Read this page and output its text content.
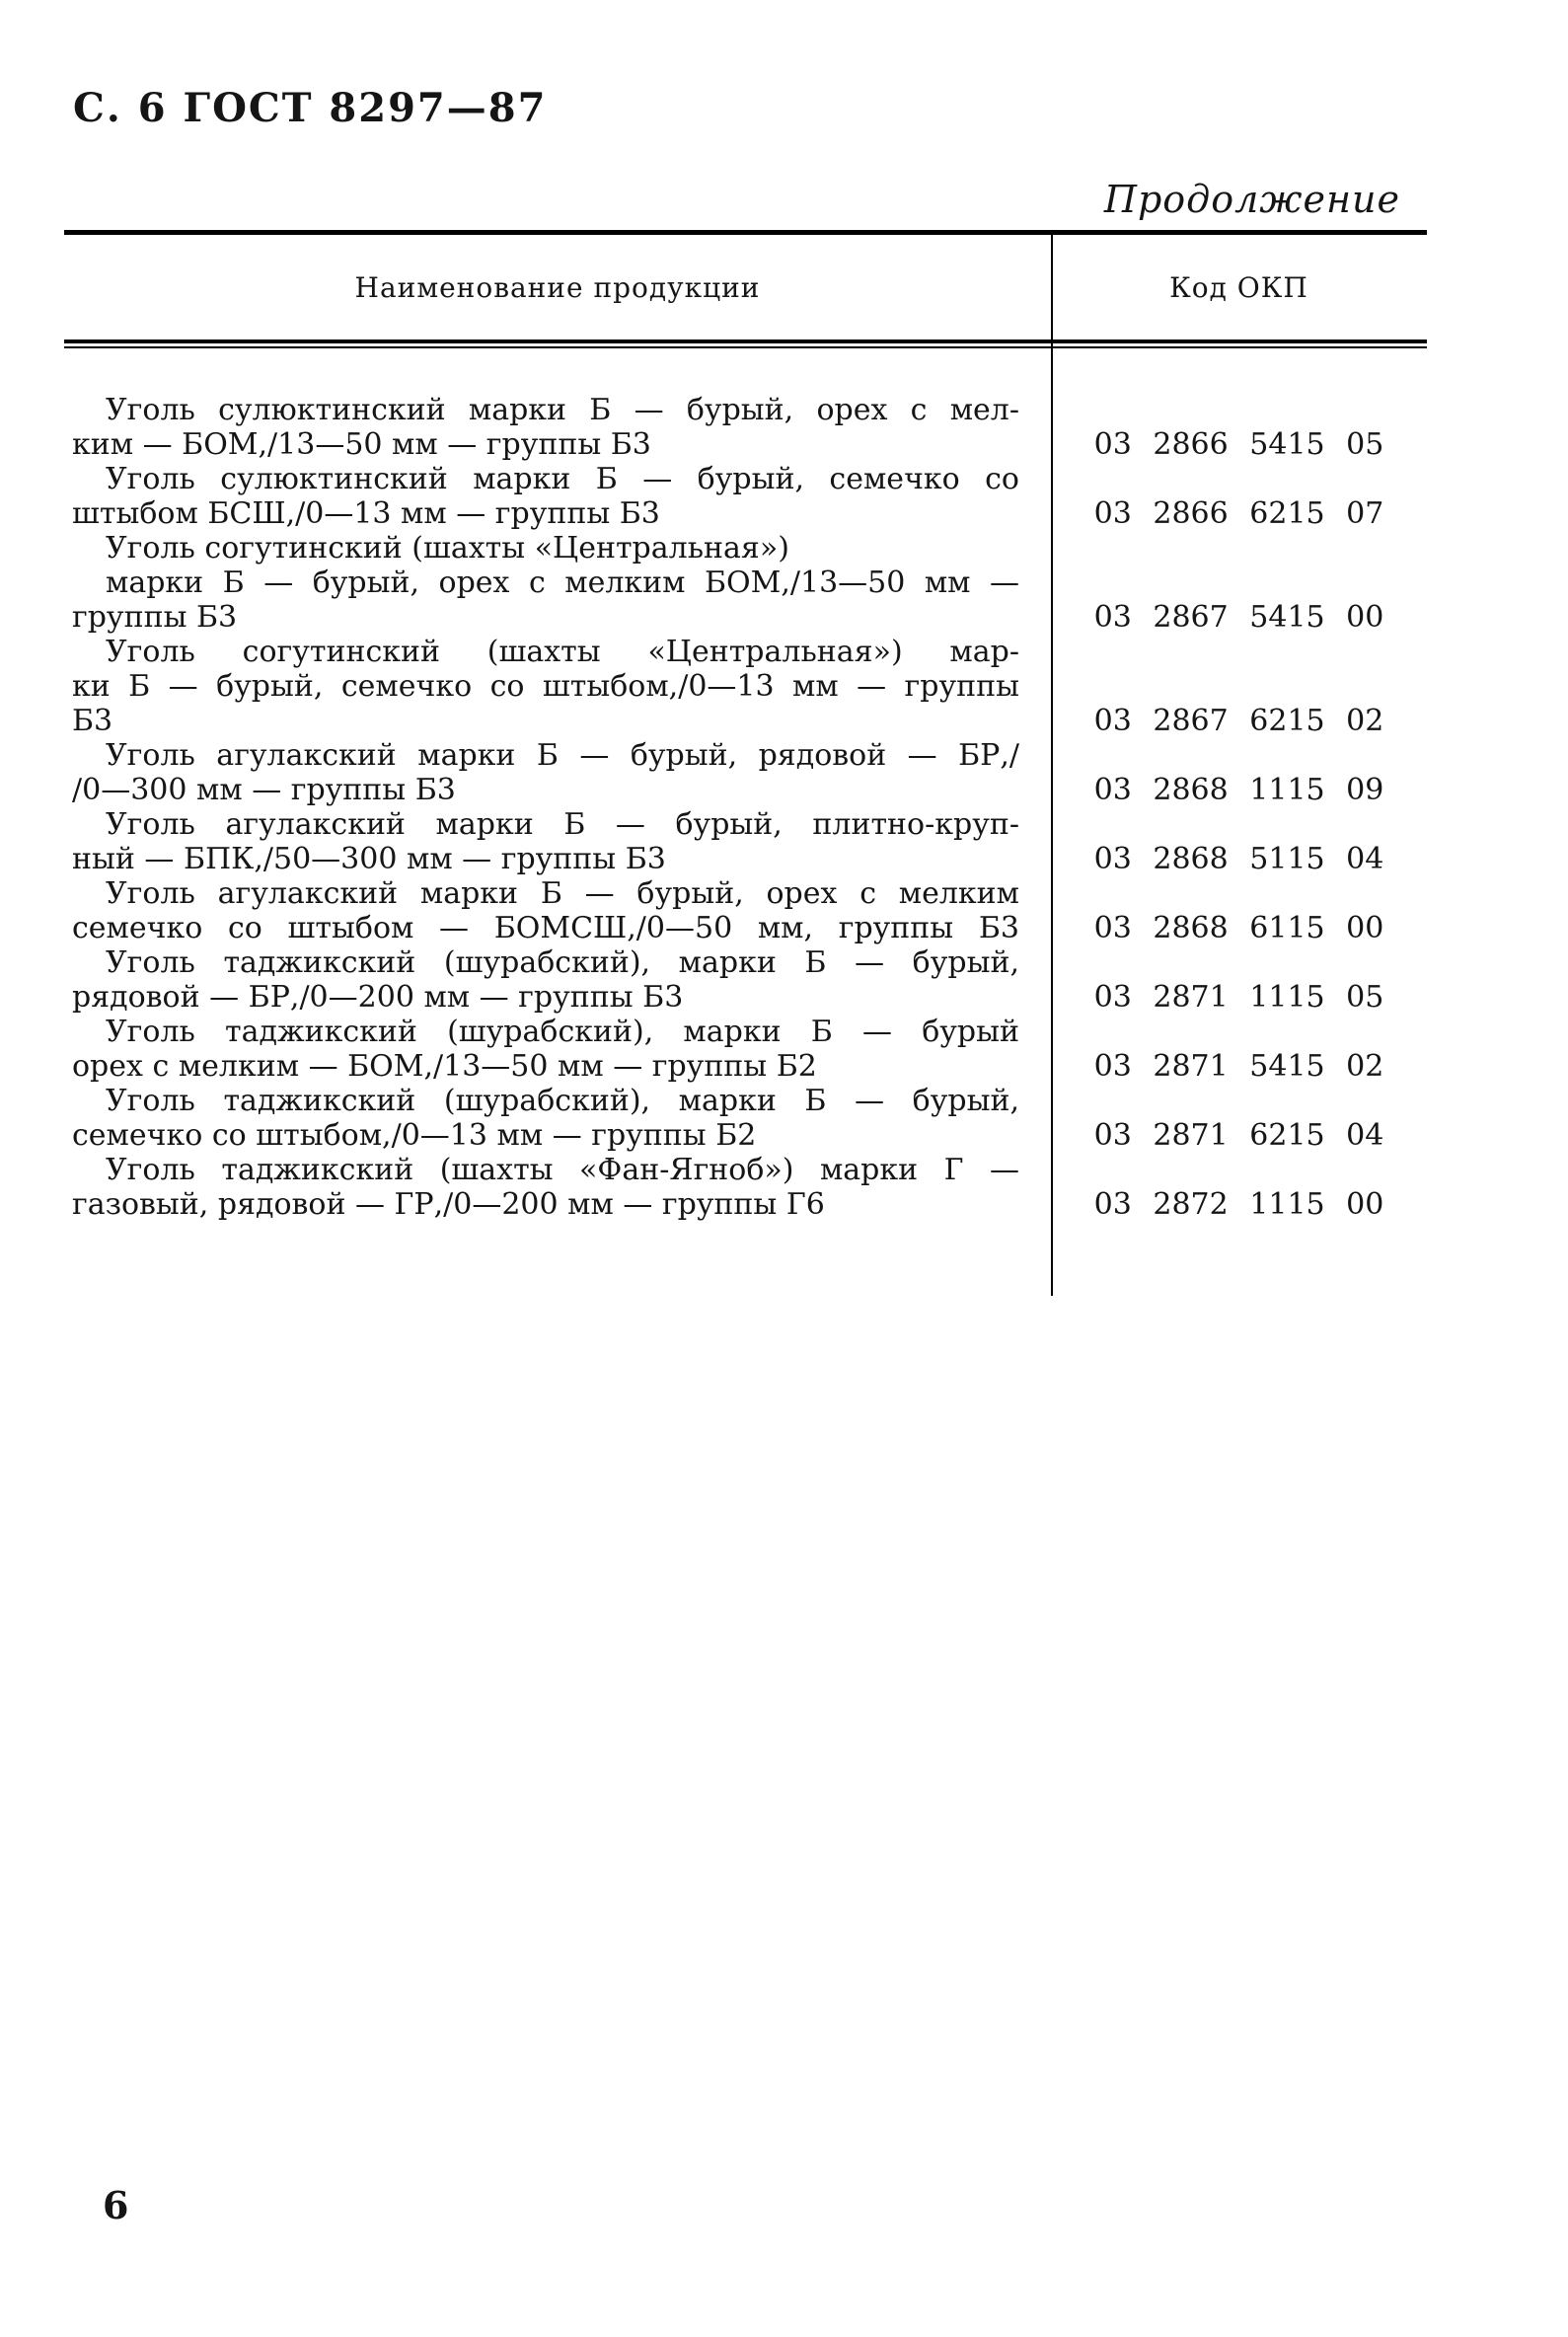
С. 6 ГОСТ 8297—87
Продолжение
Наименование продукции	Код ОКП
Уголь сулюктинский марки Б — бурый, орех с мел-
ким — БОМ,/13—50 мм — группы Б3	03 2866 5415 05
Уголь сулюктинский марки Б — бурый, семечко со
штыбом БСШ,/0—13 мм — группы Б3	03 2866 6215 07
Уголь согутинский (шахты «Центральная»)
марки Б — бурый, орех с мелким БОМ,/13—50 мм —
группы Б3	03 2867 5415 00
Уголь согутинский (шахты «Центральная») мар-
ки Б — бурый, семечко со штыбом,/0—13 мм — группы
Б3	03 2867 6215 02
Уголь агулакский марки Б — бурый, рядовой — БР,/
/0—300 мм — группы Б3	03 2868 1115 09
Уголь агулакский марки Б — бурый, плитно-круп-
ный — БПК,/50—300 мм — группы Б3	03 2868 5115 04
Уголь агулакский марки Б — бурый, орех с мелким
семечко со штыбом — БОМСШ,/0—50 мм, группы Б3	03 2868 6115 00
Уголь таджикский (шурабский), марки Б — бурый,
рядовой — БР,/0—200 мм — группы Б3	03 2871 1115 05
Уголь таджикский (шурабский), марки Б — бурый
орех с мелким — БОМ,/13—50 мм — группы Б2	03 2871 5415 02
Уголь таджикский (шурабский), марки Б — бурый,
семечко со штыбом,/0—13 мм — группы Б2	03 2871 6215 04
Уголь таджикский (шахты «Фан-Ягноб») марки Г —
газовый, рядовой — ГР,/0—200 мм — группы Г6	03 2872 1115 00
6
